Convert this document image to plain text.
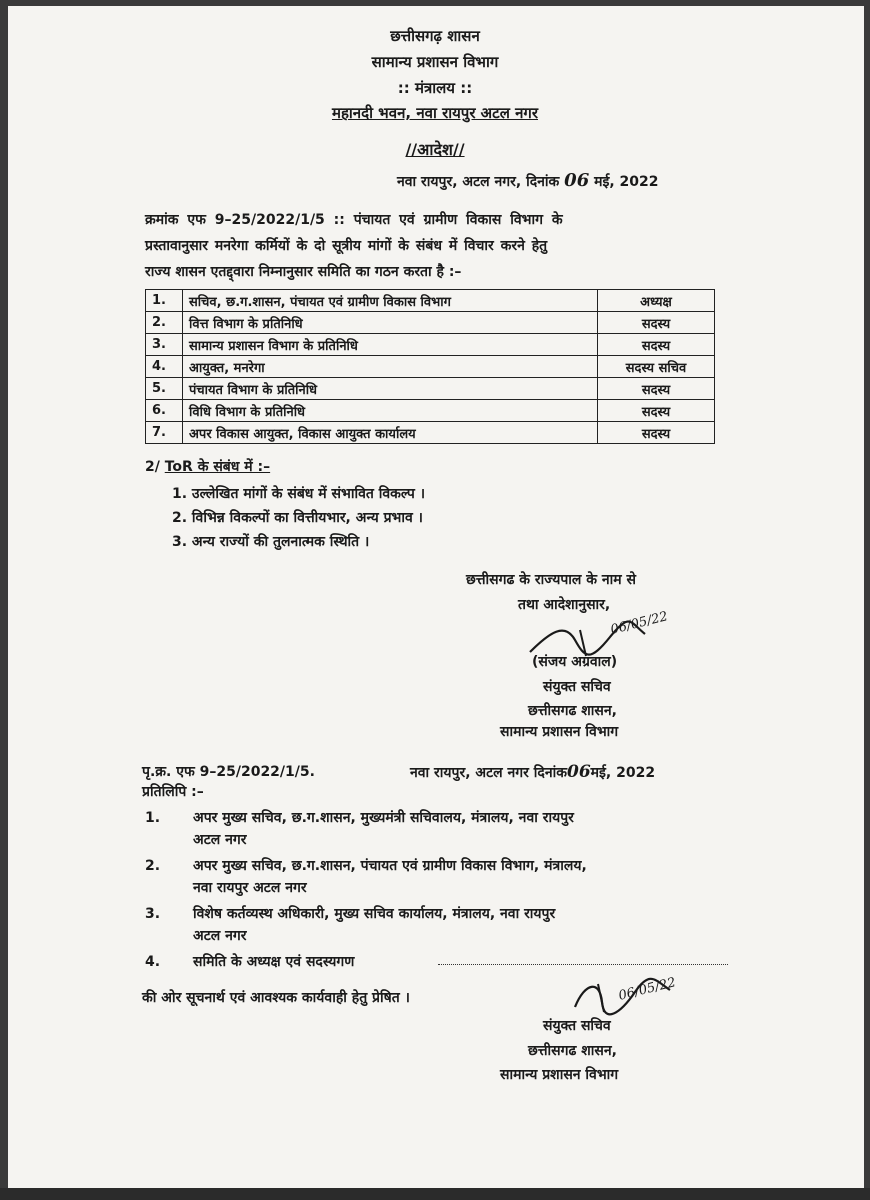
छत्तीसगढ़ शासन
सामान्य प्रशासन विभाग
:: मंत्रालय ::
महानदी भवन, नवा रायपुर अटल नगर
//आदेश//
नवा रायपुर, अटल नगर, दिनांक 06 मई, 2022
क्रमांक एफ 9–25/2022/1/5 :: पंचायत एवं ग्रामीण विकास विभाग के
प्रस्तावानुसार मनरेगा कर्मियों के दो सूत्रीय मांगों के संबंध में विचार करने हेतु
राज्य शासन एतद्द्वारा निम्नानुसार समिति का गठन करता है :–
1.	सचिव, छ.ग.शासन, पंचायत एवं ग्रामीण विकास विभाग	अध्यक्ष
2.	वित्त विभाग के प्रतिनिधि	सदस्य
3.	सामान्य प्रशासन विभाग के प्रतिनिधि	सदस्य
4.	आयुक्त, मनरेगा	सदस्य सचिव
5.	पंचायत विभाग के प्रतिनिधि	सदस्य
6.	विधि विभाग के प्रतिनिधि	सदस्य
7.	अपर विकास आयुक्त, विकास आयुक्त कार्यालय	सदस्य
2/ ToR के संबंध में :–
1. उल्लेखित मांगों के संबंध में संभावित विकल्प ।
2. विभिन्न विकल्पों का वित्तीयभार, अन्य प्रभाव ।
3. अन्य राज्यों की तुलनात्मक स्थिति ।
छत्तीसगढ के राज्यपाल के नाम से
तथा आदेशानुसार,
06/05/22
(संजय अग्रवाल)
संयुक्त सचिव
छत्तीसगढ शासन,
सामान्य प्रशासन विभाग
पृ.क्र. एफ 9–25/2022/1/5.	नवा रायपुर, अटल नगर दिनांक06मई, 2022
प्रतिलिपि :–
1. अपर मुख्य सचिव, छ.ग.शासन, मुख्यमंत्री सचिवालय, मंत्रालय, नवा रायपुर
अटल नगर
2. अपर मुख्य सचिव, छ.ग.शासन, पंचायत एवं ग्रामीण विकास विभाग, मंत्रालय,
नवा रायपुर अटल नगर
3. विशेष कर्तव्यस्थ अधिकारी, मुख्य सचिव कार्यालय, मंत्रालय, नवा रायपुर
अटल नगर
4. समिति के अध्यक्ष एवं सदस्यगण
की ओर सूचनार्थ एवं आवश्यक कार्यवाही हेतु प्रेषित ।	06/05/22
संयुक्त सचिव
छत्तीसगढ शासन,
सामान्य प्रशासन विभाग
